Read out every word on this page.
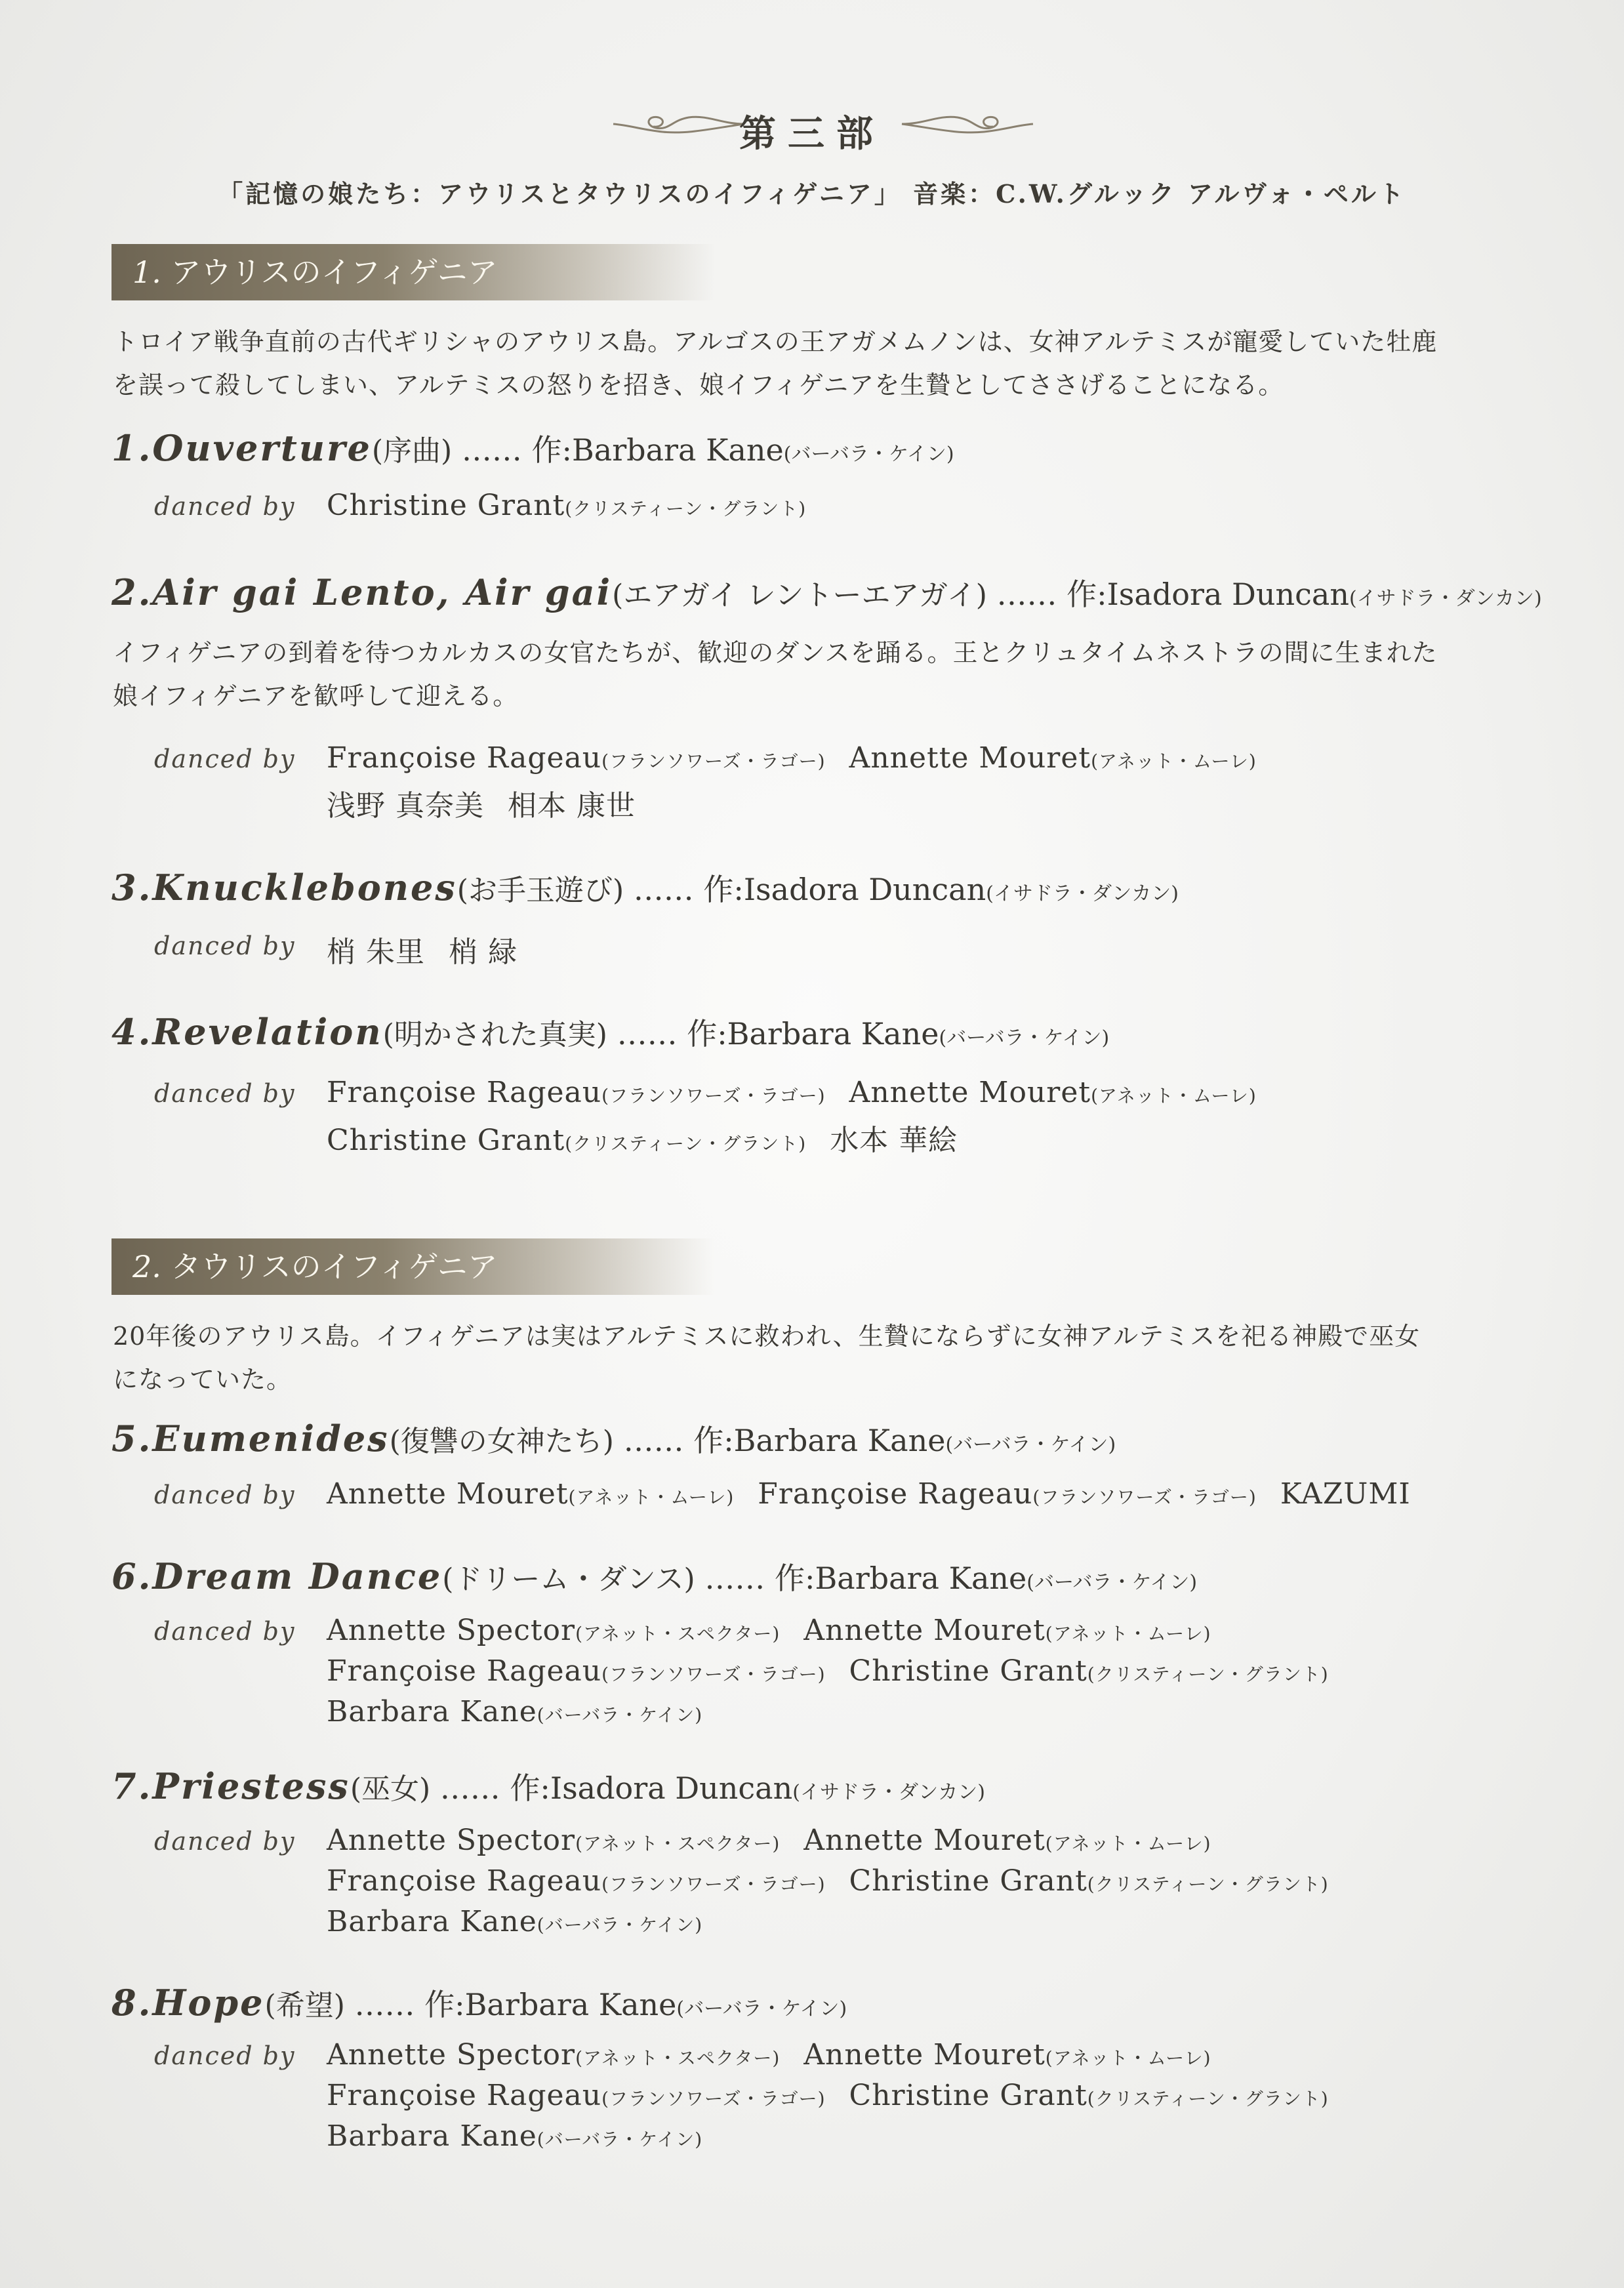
第三部
「記憶の娘たち：アウリスとタウリスのイフィゲニア」 音楽：C.W.グルック アルヴォ・ペルト
1. アウリスのイフィゲニア
トロイア戦争直前の古代ギリシャのアウリス島。アルゴスの王アガメムノンは、女神アルテミスが寵愛していた牡鹿
を誤って殺してしまい、アルテミスの怒りを招き、娘イフィゲニアを生贄としてささげることになる。
1.Ouverture(序曲) …… 作:Barbara Kane(バーバラ・ケイン)
danced by Christine Grant(クリスティーン・グラント)
2.Air gai Lento, Air gai(エアガイ レントーエアガイ) …… 作:Isadora Duncan(イサドラ・ダンカン)
イフィゲニアの到着を待つカルカスの女官たちが、歓迎のダンスを踊る。王とクリュタイムネストラの間に生まれた
娘イフィゲニアを歓呼して迎える。
danced by Françoise Rageau(フランソワーズ・ラゴー) Annette Mouret(アネット・ムーレ)
浅野 真奈美 相本 康世
3.Knucklebones(お手玉遊び) …… 作:Isadora Duncan(イサドラ・ダンカン)
danced by 梢 朱里 梢 緑
4.Revelation(明かされた真実) …… 作:Barbara Kane(バーバラ・ケイン)
danced by Françoise Rageau(フランソワーズ・ラゴー) Annette Mouret(アネット・ムーレ)
Christine Grant(クリスティーン・グラント) 水本 華絵
2. タウリスのイフィゲニア
20年後のアウリス島。イフィゲニアは実はアルテミスに救われ、生贄にならずに女神アルテミスを祀る神殿で巫女
になっていた。
5.Eumenides(復讐の女神たち) …… 作:Barbara Kane(バーバラ・ケイン)
danced by Annette Mouret(アネット・ムーレ) Françoise Rageau(フランソワーズ・ラゴー) KAZUMI
6.Dream Dance(ドリーム・ダンス) …… 作:Barbara Kane(バーバラ・ケイン)
danced by Annette Spector(アネット・スペクター) Annette Mouret(アネット・ムーレ)
Françoise Rageau(フランソワーズ・ラゴー) Christine Grant(クリスティーン・グラント)
Barbara Kane(バーバラ・ケイン)
7.Priestess(巫女) …… 作:Isadora Duncan(イサドラ・ダンカン)
danced by Annette Spector(アネット・スペクター) Annette Mouret(アネット・ムーレ)
Françoise Rageau(フランソワーズ・ラゴー) Christine Grant(クリスティーン・グラント)
Barbara Kane(バーバラ・ケイン)
8.Hope(希望) …… 作:Barbara Kane(バーバラ・ケイン)
danced by Annette Spector(アネット・スペクター) Annette Mouret(アネット・ムーレ)
Françoise Rageau(フランソワーズ・ラゴー) Christine Grant(クリスティーン・グラント)
Barbara Kane(バーバラ・ケイン)
